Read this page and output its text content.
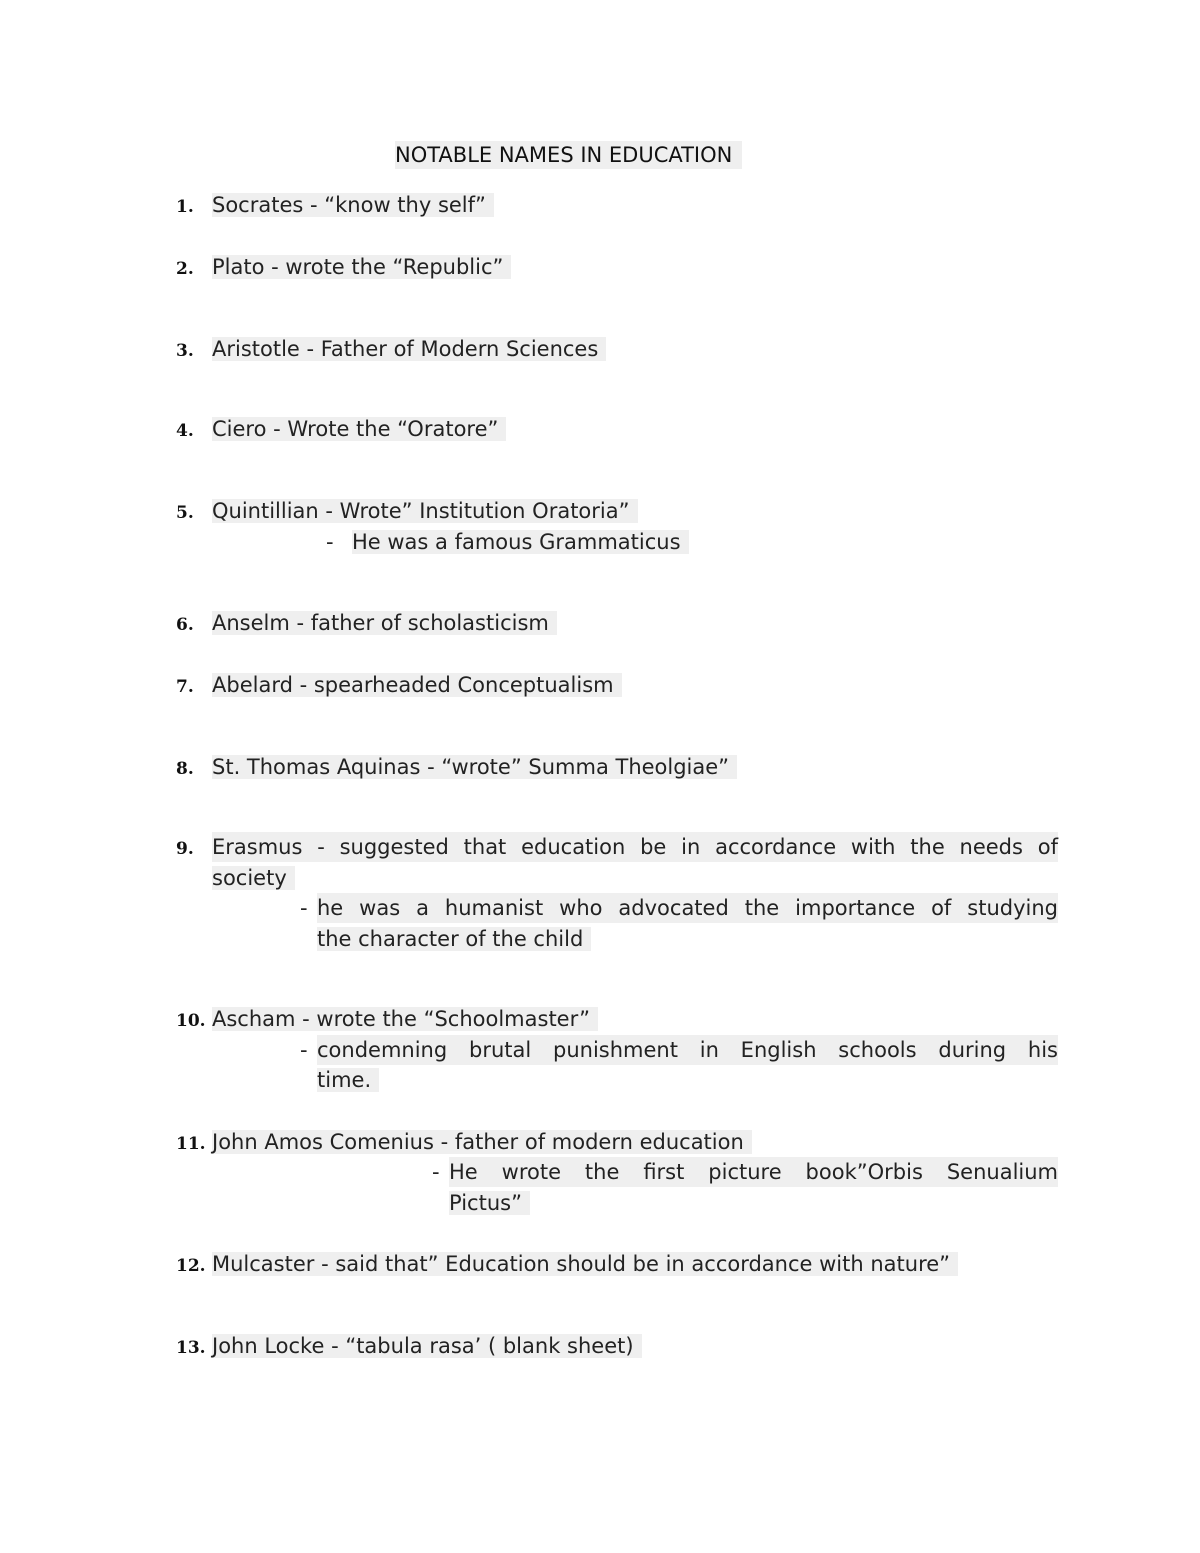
NOTABLE NAMES IN EDUCATION
1. Socrates - “know thy self”
2. Plato - wrote the “Republic”
3. Aristotle - Father of Modern Sciences
4. Ciero - Wrote the “Oratore”
5. Quintillian - Wrote” Institution Oratoria”
- He was a famous Grammaticus
6. Anselm - father of scholasticism
7. Abelard - spearheaded Conceptualism
8. St. Thomas Aquinas - “wrote” Summa Theolgiae”
9. Erasmus - suggested that education be in accordance with the needs of
society
- he was a humanist who advocated the importance of studying
the character of the child
10. Ascham - wrote the “Schoolmaster”
- condemning brutal punishment in English schools during his
time.
11. John Amos Comenius - father of modern education
- He wrote the first picture book”Orbis Senualium
Pictus”
12. Mulcaster - said that” Education should be in accordance with nature”
13. John Locke - “tabula rasa’ ( blank sheet)
